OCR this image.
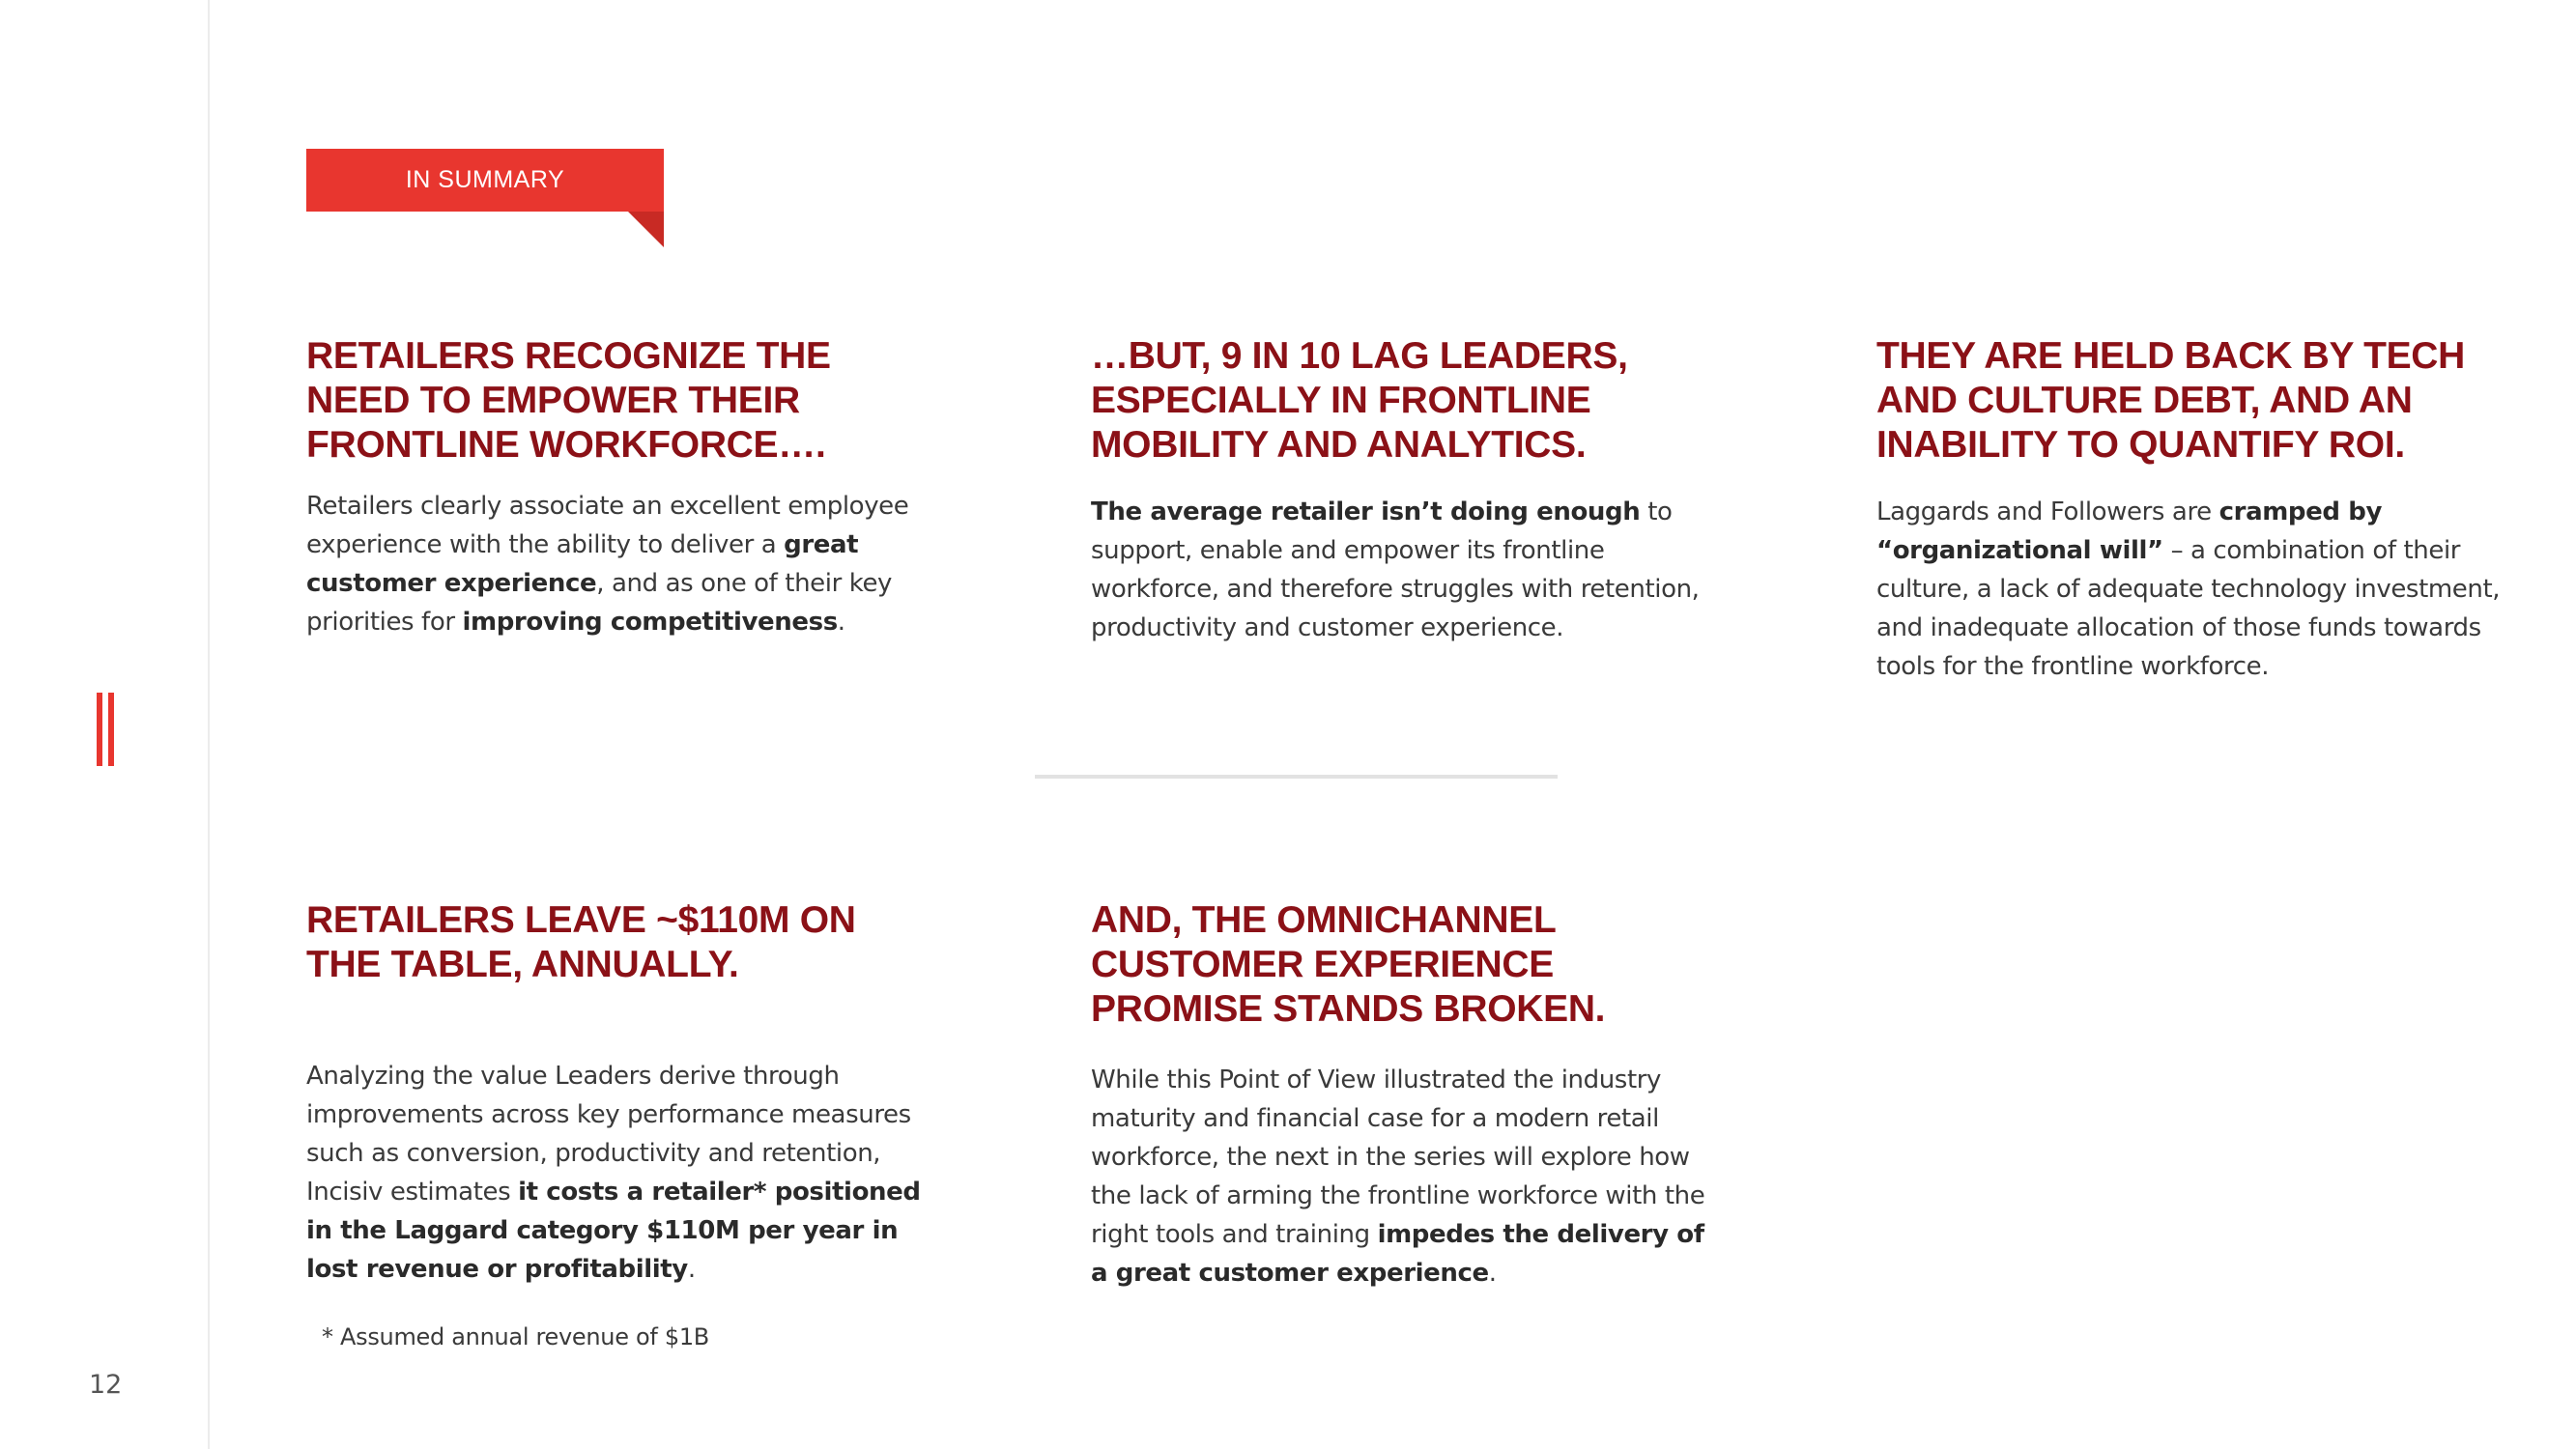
12
IN SUMMARY
RETAILERS RECOGNIZE THE
NEED TO EMPOWER THEIR
FRONTLINE WORKFORCE….

Retailers clearly associate an excellent employee experience with the ability to deliver a great customer experience, and as one of their key priorities for improving competitiveness.

…BUT, 9 IN 10 LAG LEADERS,
ESPECIALLY IN FRONTLINE
MOBILITY AND ANALYTICS.

The average retailer isn’t doing enough to support, enable and empower its frontline workforce, and therefore struggles with retention, productivity and customer experience.

THEY ARE HELD BACK BY TECH
AND CULTURE DEBT, AND AN
INABILITY TO QUANTIFY ROI.

Laggards and Followers are cramped by “organizational will” – a combination of their culture, a lack of adequate technology investment, and inadequate allocation of those funds towards tools for the frontline workforce.

RETAILERS LEAVE ~$110M ON
THE TABLE, ANNUALLY.

Analyzing the value Leaders derive through improvements across key performance measures such as conversion, productivity and retention, Incisiv estimates it costs a retailer* positioned in the Laggard category $110M per year in lost revenue or profitability.

AND, THE OMNICHANNEL
CUSTOMER EXPERIENCE
PROMISE STANDS BROKEN.

While this Point of View illustrated the industry maturity and financial case for a modern retail workforce, the next in the series will explore how the lack of arming the frontline workforce with the right tools and training impedes the delivery of a great customer experience.

* Assumed annual revenue of $1B
